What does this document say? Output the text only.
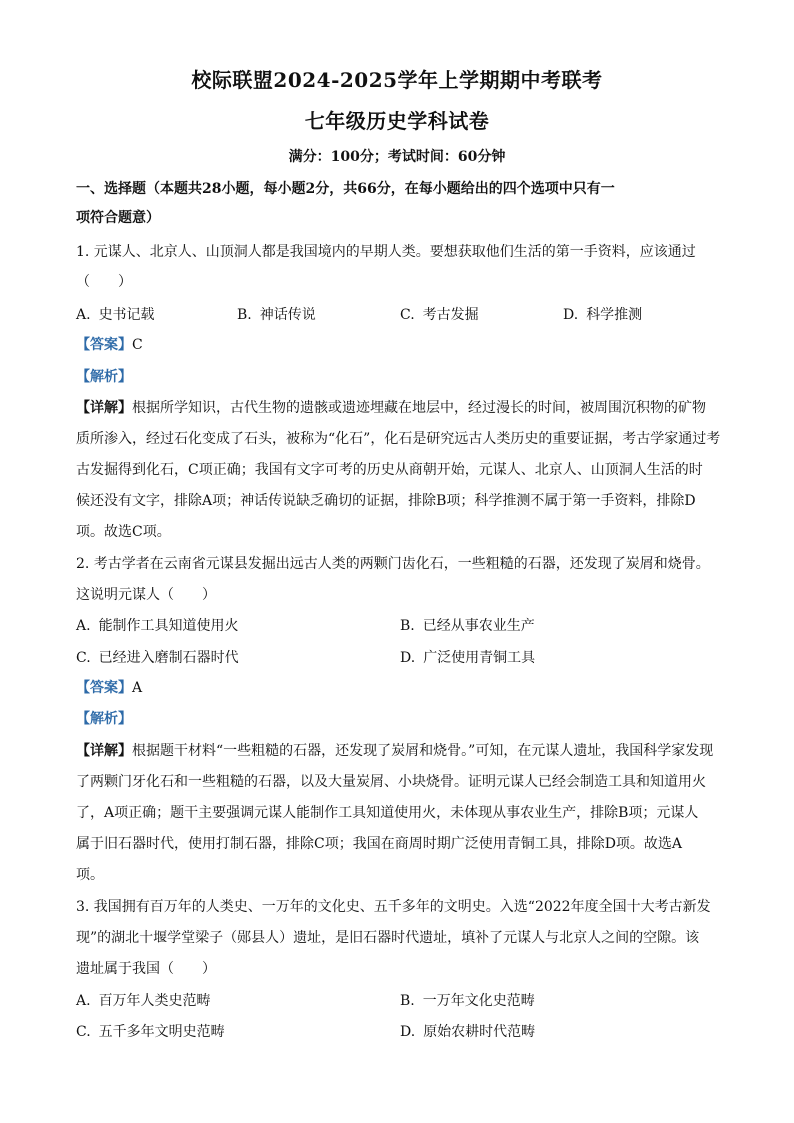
校际联盟2024-2025学年上学期期中考联考
七年级历史学科试卷
满分：100分；考试时间：60分钟
一、选择题（本题共28小题，每小题2分，共66分，在每小题给出的四个选项中只有一
项符合题意）
1. 元谋人、北京人、山顶洞人都是我国境内的早期人类。要想获取他们生活的第一手资料，应该通过
（　　）
A. 史书记载	B. 神话传说	C. 考古发掘	D. 科学推测
【答案】C
【解析】
【详解】根据所学知识，古代生物的遗骸或遗迹埋藏在地层中，经过漫长的时间，被周围沉积物的矿物
质所渗入，经过石化变成了石头，被称为“化石”，化石是研究远古人类历史的重要证据，考古学家通过考
古发掘得到化石，C项正确；我国有文字可考的历史从商朝开始，元谋人、北京人、山顶洞人生活的时
候还没有文字，排除A项；神话传说缺乏确切的证据，排除B项；科学推测不属于第一手资料，排除D
项。故选C项。
2. 考古学者在云南省元谋县发掘出远古人类的两颗门齿化石，一些粗糙的石器，还发现了炭屑和烧骨。
这说明元谋人（　　）
A. 能制作工具知道使用火	B. 已经从事农业生产
C. 已经进入磨制石器时代	D. 广泛使用青铜工具
【答案】A
【解析】
【详解】根据题干材料“一些粗糙的石器，还发现了炭屑和烧骨。”可知，在元谋人遗址，我国科学家发现
了两颗门牙化石和一些粗糙的石器，以及大量炭屑、小块烧骨。证明元谋人已经会制造工具和知道用火
了，A项正确；题干主要强调元谋人能制作工具知道使用火，未体现从事农业生产，排除B项；元谋人
属于旧石器时代，使用打制石器，排除C项；我国在商周时期广泛使用青铜工具，排除D项。故选A
项。
3. 我国拥有百万年的人类史、一万年的文化史、五千多年的文明史。入选“2022年度全国十大考古新发
现”的湖北十堰学堂梁子（郧县人）遗址，是旧石器时代遗址，填补了元谋人与北京人之间的空隙。该
遗址属于我国（　　）
A. 百万年人类史范畴	B. 一万年文化史范畴
C. 五千多年文明史范畴	D. 原始农耕时代范畴
